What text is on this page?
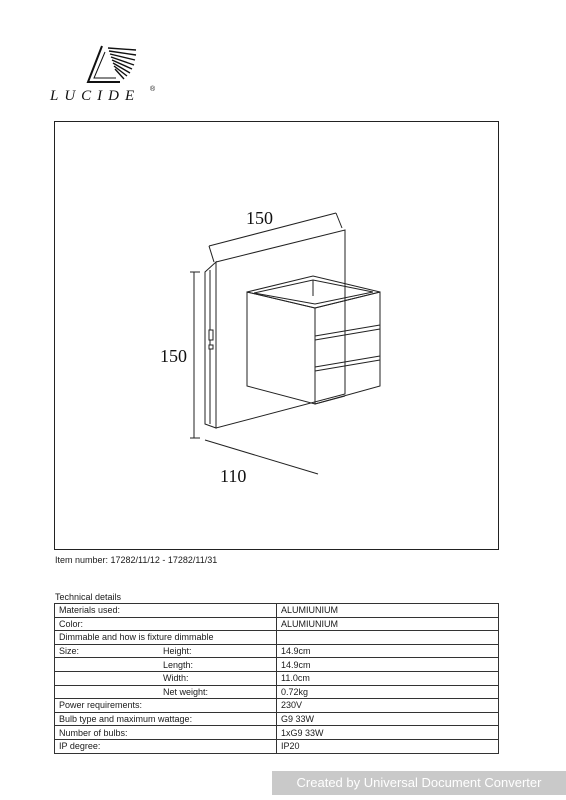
LUCIDE ®
150
150
110
Item number: 17282/11/12 - 17282/11/31
Technical details
Materials used:	ALUMIUNIUM
Color:	ALUMIUNIUM
Dimmable and how is fixture dimmable	
Size: Height:	14.9cm
Length:	14.9cm
Width:	11.0cm
Net weight:	0.72kg
Power requirements:	230V
Bulb type and maximum wattage:	G9 33W
Number of bulbs:	1xG9 33W
IP degree:	IP20
Created by Universal Document Converter
